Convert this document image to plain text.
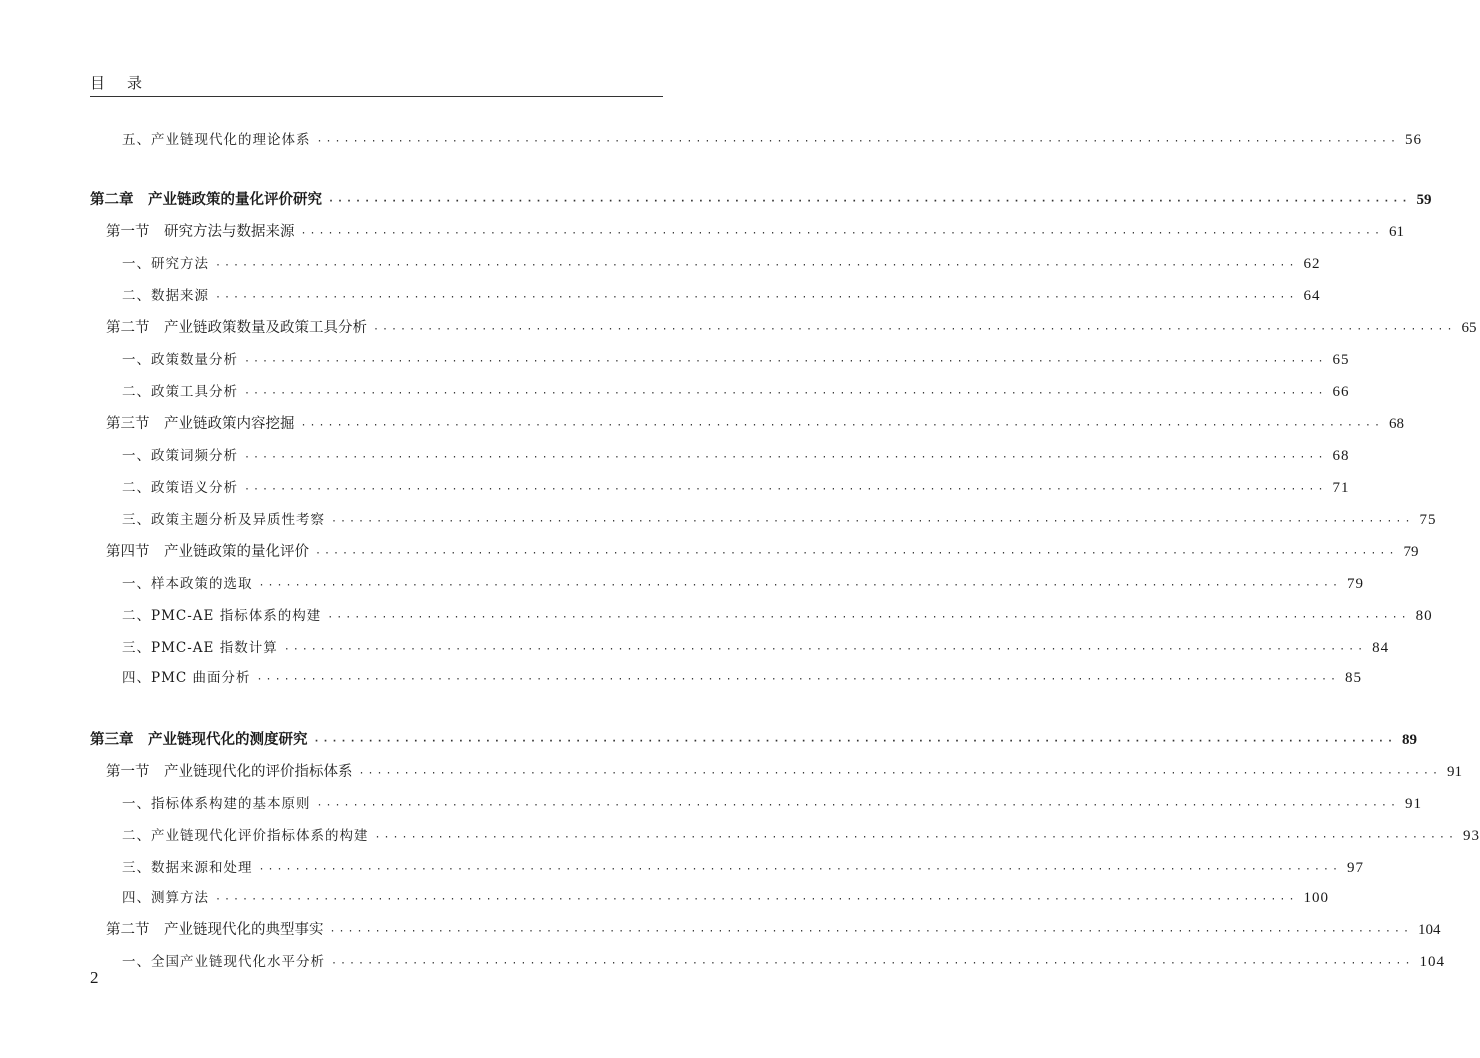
目录
五、产业链现代化的理论体系 ························································································································ 56
第二章　产业链政策的量化评价研究 ························································································································ 59
第一节　研究方法与数据来源 ························································································································ 61
一、研究方法 ························································································································ 62
二、数据来源 ························································································································ 64
第二节　产业链政策数量及政策工具分析 ························································································································ 65
一、政策数量分析 ························································································································ 65
二、政策工具分析 ························································································································ 66
第三节　产业链政策内容挖掘 ························································································································ 68
一、政策词频分析 ························································································································ 68
二、政策语义分析 ························································································································ 71
三、政策主题分析及异质性考察 ························································································································ 75
第四节　产业链政策的量化评价 ························································································································ 79
一、样本政策的选取 ························································································································ 79
二、PMC-AE 指标体系的构建 ························································································································ 80
三、PMC-AE 指数计算 ························································································································ 84
四、PMC 曲面分析 ························································································································ 85
第三章　产业链现代化的测度研究 ························································································································ 89
第一节　产业链现代化的评价指标体系 ························································································································ 91
一、指标体系构建的基本原则 ························································································································ 91
二、产业链现代化评价指标体系的构建 ························································································································ 93
三、数据来源和处理 ························································································································ 97
四、测算方法 ························································································································ 100
第二节　产业链现代化的典型事实 ························································································································ 104
一、全国产业链现代化水平分析 ························································································································ 104
2
